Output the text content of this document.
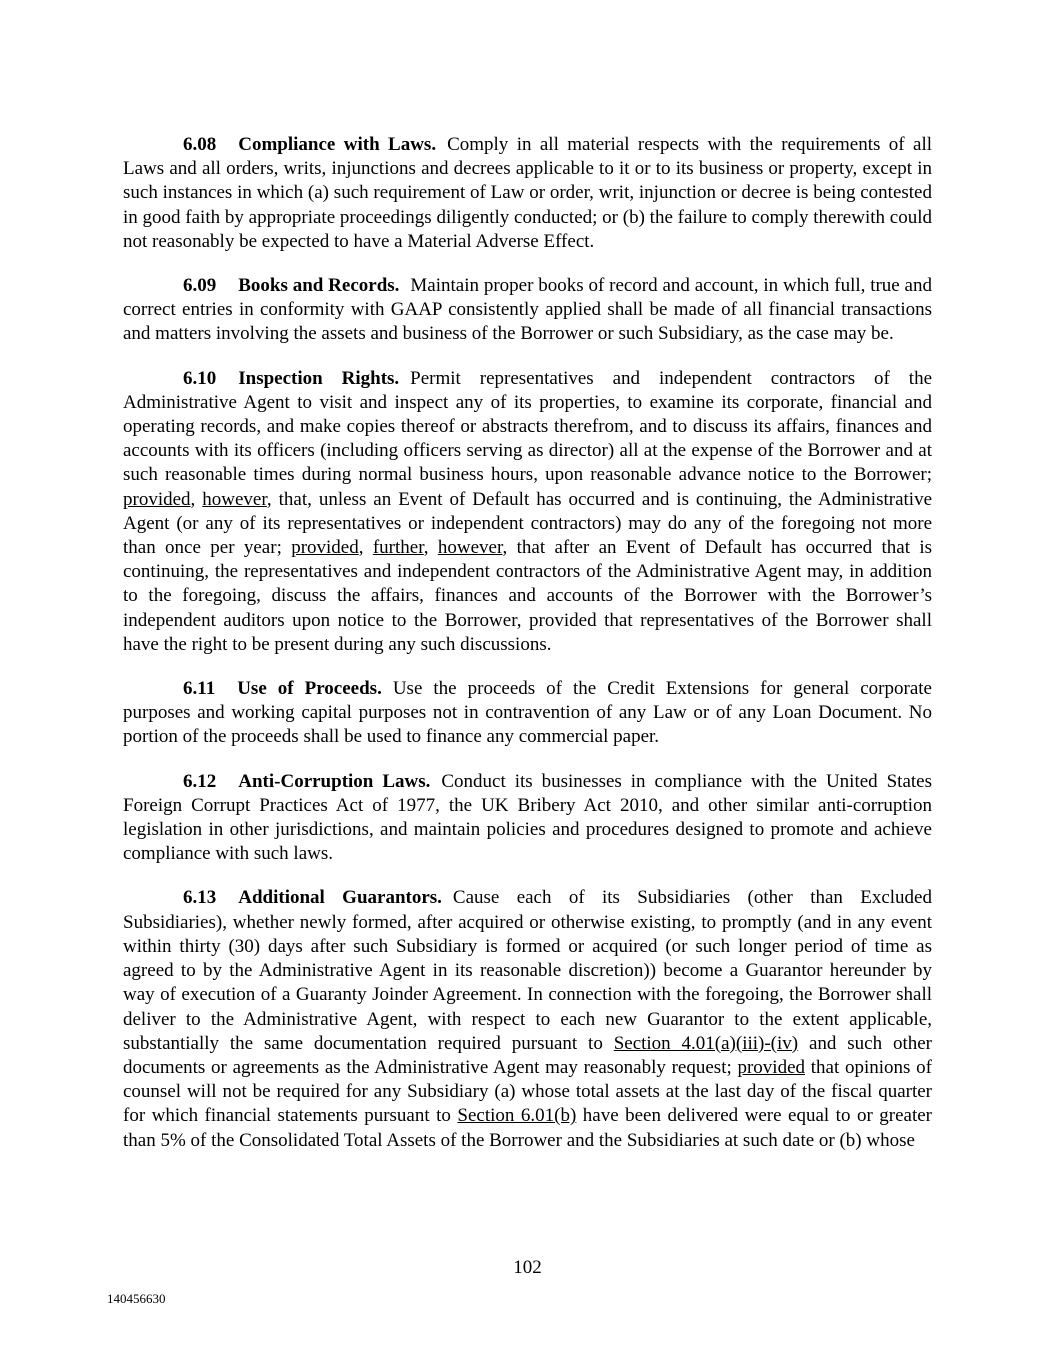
6.08 Compliance with Laws. Comply in all material respects with the requirements of all Laws and all orders, writs, injunctions and decrees applicable to it or to its business or property, except in such instances in which (a) such requirement of Law or order, writ, injunction or decree is being contested in good faith by appropriate proceedings diligently conducted; or (b) the failure to comply therewith could not reasonably be expected to have a Material Adverse Effect.

6.09 Books and Records. Maintain proper books of record and account, in which full, true and correct entries in conformity with GAAP consistently applied shall be made of all financial transactions and matters involving the assets and business of the Borrower or such Subsidiary, as the case may be.

6.10 Inspection Rights. Permit representatives and independent contractors of the Administrative Agent to visit and inspect any of its properties, to examine its corporate, financial and operating records, and make copies thereof or abstracts therefrom, and to discuss its affairs, finances and accounts with its officers (including officers serving as director) all at the expense of the Borrower and at such reasonable times during normal business hours, upon reasonable advance notice to the Borrower; provided, however, that, unless an Event of Default has occurred and is continuing, the Administrative Agent (or any of its representatives or independent contractors) may do any of the foregoing not more than once per year; provided, further, however, that after an Event of Default has occurred that is continuing, the representatives and independent contractors of the Administrative Agent may, in addition to the foregoing, discuss the affairs, finances and accounts of the Borrower with the Borrower’s independent auditors upon notice to the Borrower, provided that representatives of the Borrower shall have the right to be present during any such discussions.

6.11 Use of Proceeds. Use the proceeds of the Credit Extensions for general corporate purposes and working capital purposes not in contravention of any Law or of any Loan Document. No portion of the proceeds shall be used to finance any commercial paper.

6.12 Anti-Corruption Laws. Conduct its businesses in compliance with the United States Foreign Corrupt Practices Act of 1977, the UK Bribery Act 2010, and other similar anti-corruption legislation in other jurisdictions, and maintain policies and procedures designed to promote and achieve compliance with such laws.

6.13 Additional Guarantors. Cause each of its Subsidiaries (other than Excluded Subsidiaries), whether newly formed, after acquired or otherwise existing, to promptly (and in any event within thirty (30) days after such Subsidiary is formed or acquired (or such longer period of time as agreed to by the Administrative Agent in its reasonable discretion)) become a Guarantor hereunder by way of execution of a Guaranty Joinder Agreement. In connection with the foregoing, the Borrower shall deliver to the Administrative Agent, with respect to each new Guarantor to the extent applicable, substantially the same documentation required pursuant to Section 4.01(a)(iii)-(iv) and such other documents or agreements as the Administrative Agent may reasonably request; provided that opinions of counsel will not be required for any Subsidiary (a) whose total assets at the last day of the fiscal quarter for which financial statements pursuant to Section 6.01(b) have been delivered were equal to or greater than 5% of the Consolidated Total Assets of the Borrower and the Subsidiaries at such date or (b) whose

102
140456630
